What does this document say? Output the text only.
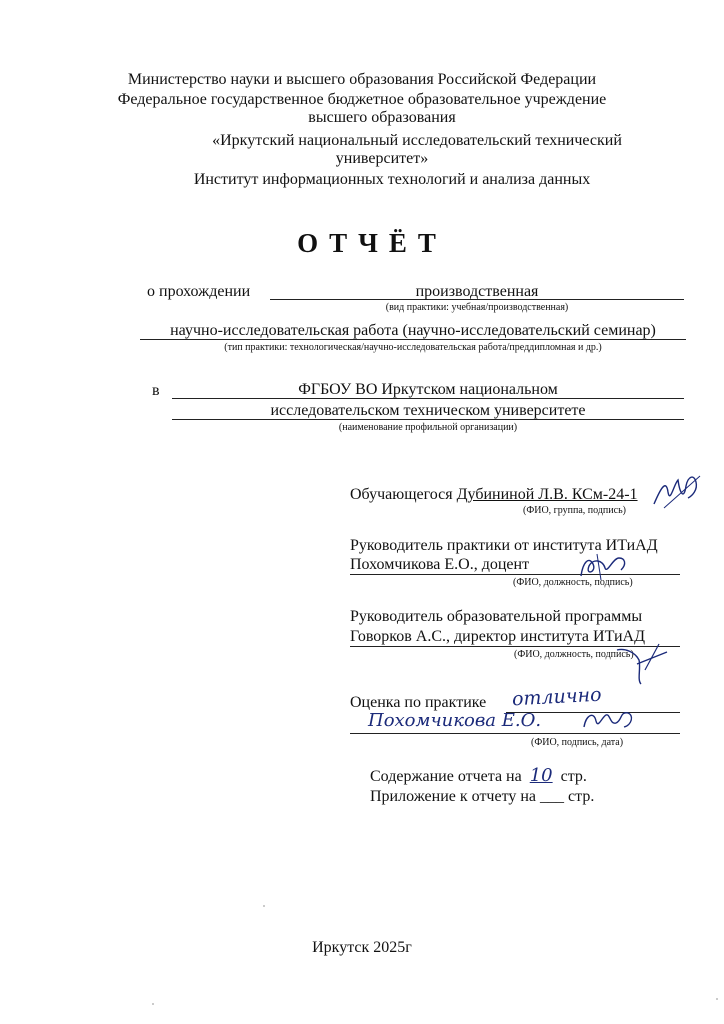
Министерство науки и высшего образования Российской Федерации
Федеральное государственное бюджетное образовательное учреждение
высшего образования
«Иркутский национальный исследовательский технический
университет»
Институт информационных технологий и анализа данных
ОТЧЁТ
о прохождении	производственная
(вид практики: учебная/производственная)
научно-исследовательская работа (научно-исследовательский семинар)
(тип практики: технологическая/научно-исследовательская работа/преддипломная и др.)
в	ФГБОУ ВО Иркутском национальном
исследовательском техническом университете
(наименование профильной организации)
Обучающегося Дубининой Л.В. КСм-24-1
(ФИО, группа, подпись)
Руководитель практики от института ИТиАД
Похомчикова Е.О., доцент
(ФИО, должность, подпись)
Руководитель образовательной программы
Говорков А.С., директор института ИТиАД
(ФИО, должность, подпись)
Оценка по практике отлично
Похомчикова Е.О.
(ФИО, подпись, дата)
Содержание отчета на 10 стр.
Приложение к отчету на ___ стр.
Иркутск 2025г
